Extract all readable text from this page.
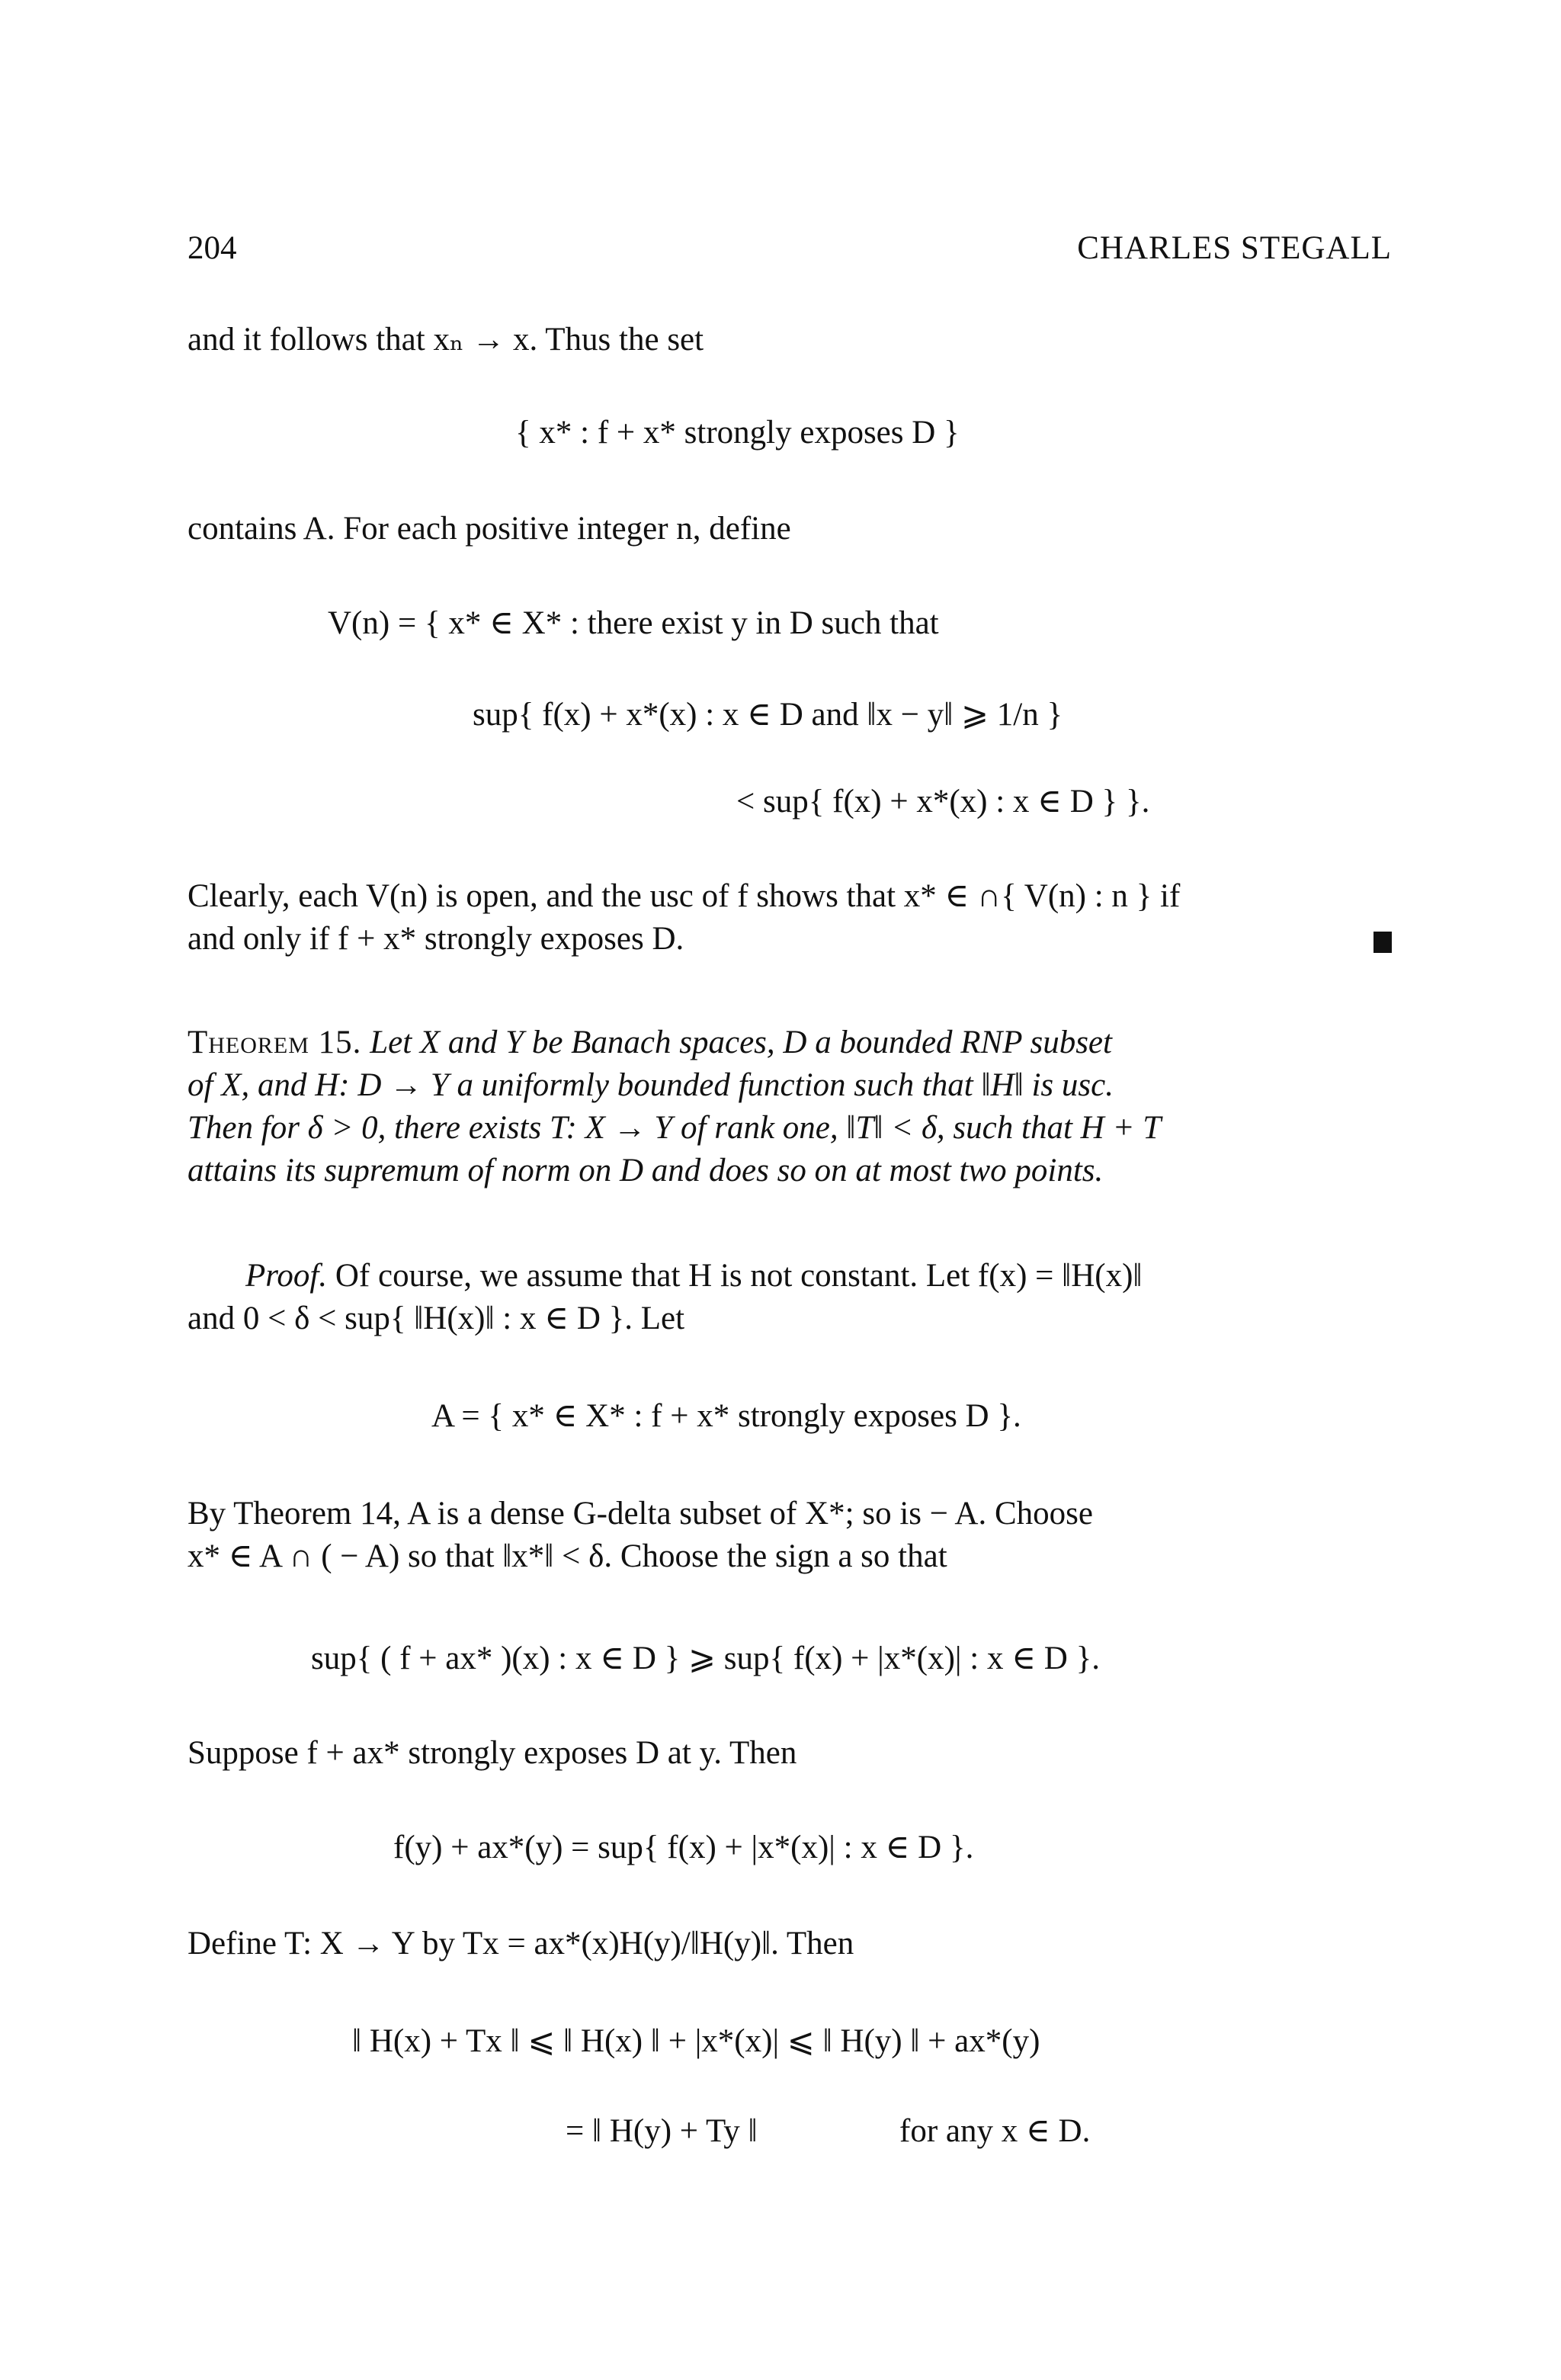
204	CHARLES STEGALL
and it follows that xₙ → x. Thus the set
{ x* : f + x* strongly exposes D }
contains A. For each positive integer n, define
V(n) = { x* ∈ X* : there exist y in D such that
sup{ f(x) + x*(x) : x ∈ D and ‖x − y‖ ⩾ 1/n }
< sup{ f(x) + x*(x) : x ∈ D } }.
Clearly, each V(n) is open, and the usc of f shows that x* ∈ ∩{ V(n) : n } if
and only if f + x* strongly exposes D.
Theorem 15. Let X and Y be Banach spaces, D a bounded RNP subset
of X, and H: D → Y a uniformly bounded function such that ‖H‖ is usc.
Then for δ > 0, there exists T: X → Y of rank one, ‖T‖ < δ, such that H + T
attains its supremum of norm on D and does so on at most two points.
Proof. Of course, we assume that H is not constant. Let f(x) = ‖H(x)‖
and 0 < δ < sup{ ‖H(x)‖ : x ∈ D }. Let
A = { x* ∈ X* : f + x* strongly exposes D }.
By Theorem 14, A is a dense G-delta subset of X*; so is − A. Choose
x* ∈ A ∩ ( − A) so that ‖x*‖ < δ. Choose the sign a so that
sup{ ( f + ax* )(x) : x ∈ D } ⩾ sup{ f(x) + |x*(x)| : x ∈ D }.
Suppose f + ax* strongly exposes D at y. Then
f(y) + ax*(y) = sup{ f(x) + |x*(x)| : x ∈ D }.
Define T: X → Y by Tx = ax*(x)H(y)/‖H(y)‖. Then
‖ H(x) + Tx ‖ ⩽ ‖ H(x) ‖ + |x*(x)| ⩽ ‖ H(y) ‖ + ax*(y)
= ‖ H(y) + Ty ‖	for any x ∈ D.
